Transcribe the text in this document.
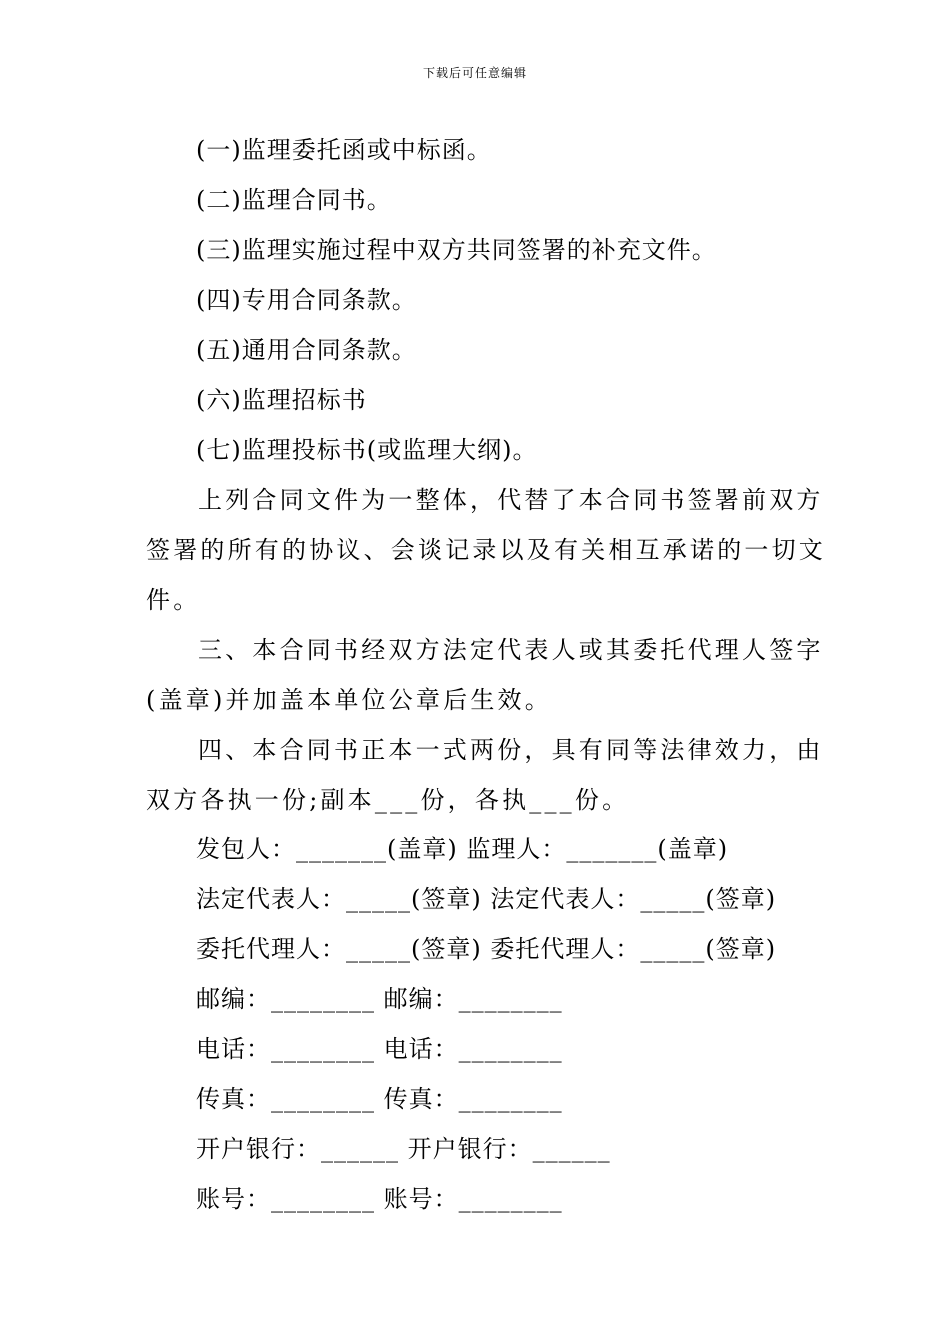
下载后可任意编辑
(一)监理委托函或中标函。
(二)监理合同书。
(三)监理实施过程中双方共同签署的补充文件。
(四)专用合同条款。
(五)通用合同条款。
(六)监理招标书
(七)监理投标书(或监理大纲)。
上列合同文件为一整体，代替了本合同书签署前双方
签署的所有的协议、会谈记录以及有关相互承诺的一切文
件。
三、本合同书经双方法定代表人或其委托代理人签字
(盖章)并加盖本单位公章后生效。
四、本合同书正本一式两份，具有同等法律效力，由
双方各执一份;副本___份，各执___份。
发包人：_______(盖章) 监理人：_______(盖章)
法定代表人：_____(签章) 法定代表人：_____(签章)
委托代理人：_____(签章) 委托代理人：_____(签章)
邮编：________ 邮编：________
电话：________ 电话：________
传真：________ 传真：________
开户银行：______ 开户银行：______
账号：________ 账号：________
